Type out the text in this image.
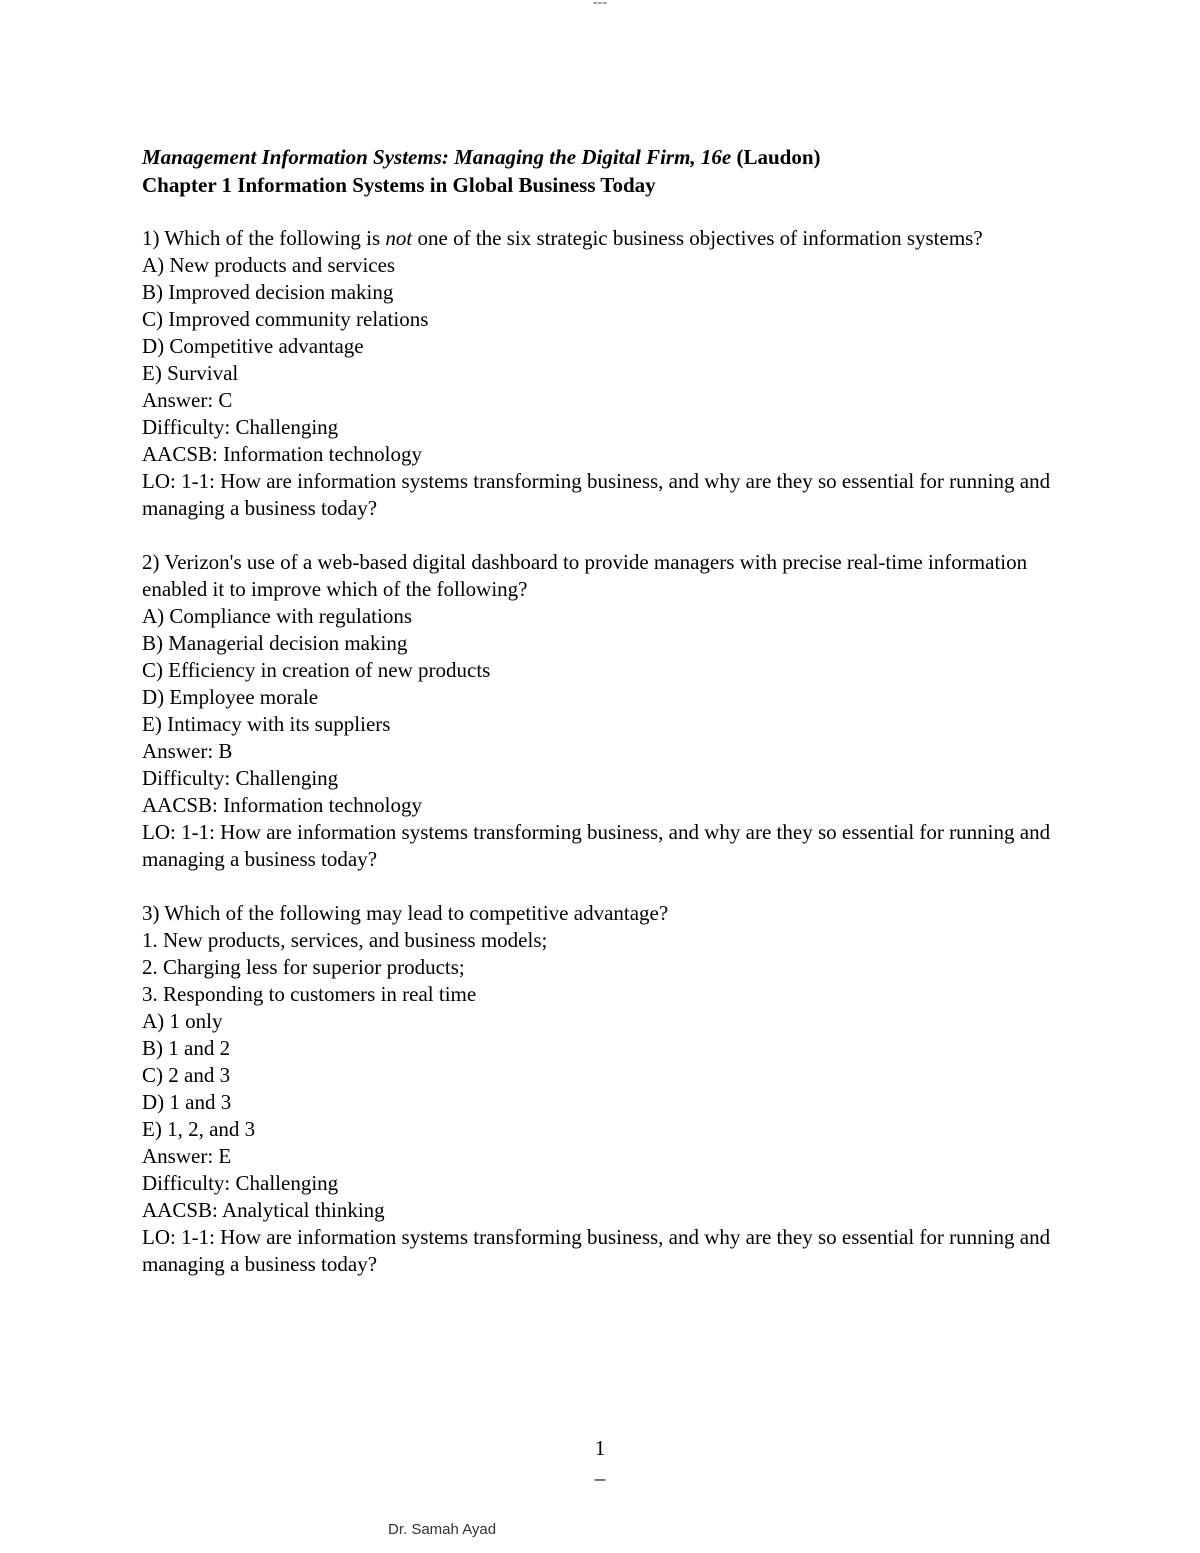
---
Management Information Systems: Managing the Digital Firm, 16e (Laudon)
Chapter 1 Information Systems in Global Business Today
1) Which of the following is not one of the six strategic business objectives of information systems?
A) New products and services
B) Improved decision making
C) Improved community relations
D) Competitive advantage
E) Survival
Answer: C
Difficulty: Challenging
AACSB: Information technology
LO: 1-1: How are information systems transforming business, and why are they so essential for running and managing a business today?
2) Verizon's use of a web-based digital dashboard to provide managers with precise real-time information enabled it to improve which of the following?
A) Compliance with regulations
B) Managerial decision making
C) Efficiency in creation of new products
D) Employee morale
E) Intimacy with its suppliers
Answer: B
Difficulty: Challenging
AACSB: Information technology
LO: 1-1: How are information systems transforming business, and why are they so essential for running and managing a business today?
3) Which of the following may lead to competitive advantage?
1. New products, services, and business models;
2. Charging less for superior products;
3. Responding to customers in real time
A) 1 only
B) 1 and 2
C) 2 and 3
D) 1 and 3
E) 1, 2, and 3
Answer: E
Difficulty: Challenging
AACSB: Analytical thinking
LO: 1-1: How are information systems transforming business, and why are they so essential for running and managing a business today?
1
–
Dr. Samah Ayad
